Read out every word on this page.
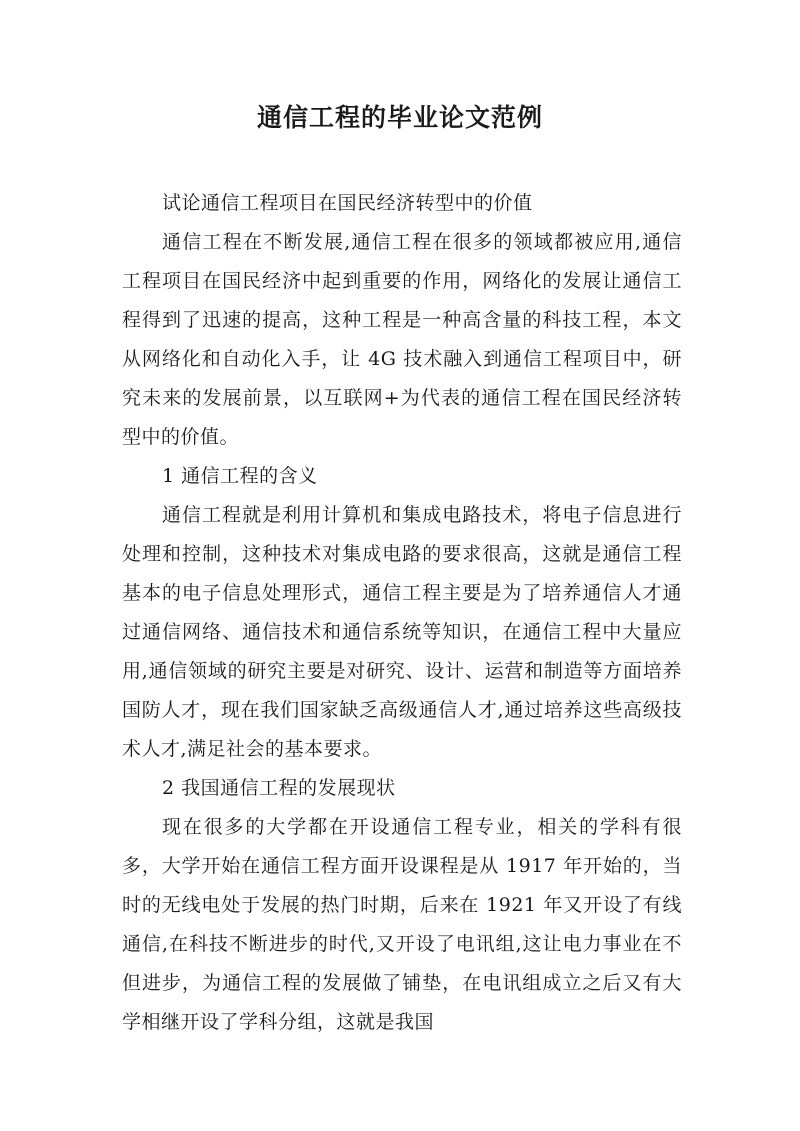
通信工程的毕业论文范例

试论通信工程项目在国民经济转型中的价值

通信工程在不断发展,通信工程在很多的领域都被应用,通信工程项目在国民经济中起到重要的作用，网络化的发展让通信工程得到了迅速的提高，这种工程是一种高含量的科技工程，本文从网络化和自动化入手，让 4G 技术融入到通信工程项目中，研究未来的发展前景，以互联网+为代表的通信工程在国民经济转型中的价值。

1 通信工程的含义

通信工程就是利用计算机和集成电路技术，将电子信息进行处理和控制，这种技术对集成电路的要求很高，这就是通信工程基本的电子信息处理形式，通信工程主要是为了培养通信人才通过通信网络、通信技术和通信系统等知识，在通信工程中大量应用,通信领域的研究主要是对研究、设计、运营和制造等方面培养国防人才，现在我们国家缺乏高级通信人才,通过培养这些高级技术人才,满足社会的基本要求。

2 我国通信工程的发展现状

现在很多的大学都在开设通信工程专业，相关的学科有很多，大学开始在通信工程方面开设课程是从 1917 年开始的，当时的无线电处于发展的热门时期，后来在 1921 年又开设了有线通信,在科技不断进步的时代,又开设了电讯组,这让电力事业在不但进步，为通信工程的发展做了铺垫，在电讯组成立之后又有大学相继开设了学科分组，这就是我国
